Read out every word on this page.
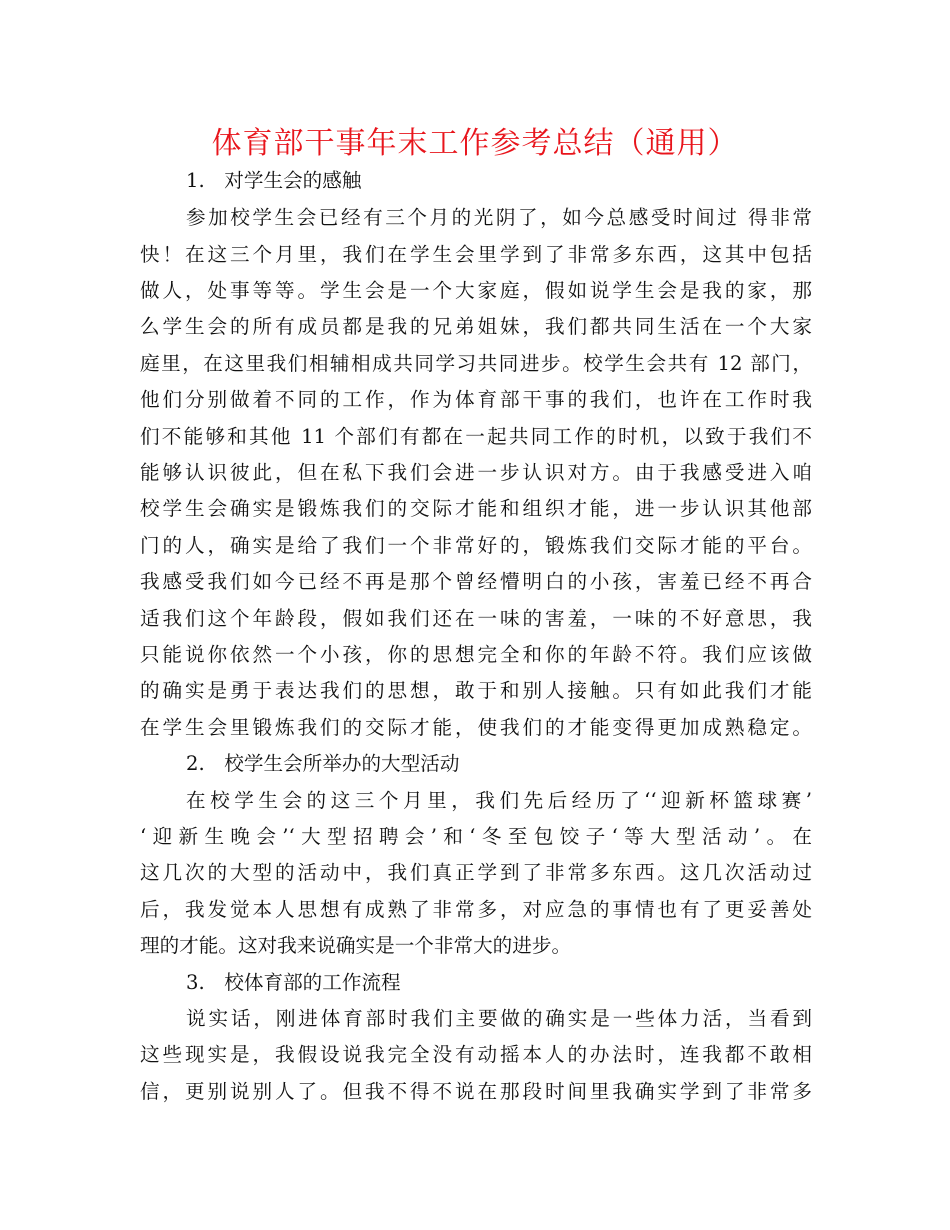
体育部干事年末工作参考总结（通用）
1.　对学生会的感触
参加校学生会已经有三个月的光阴了，如今总感受时间过 得非常
快！在这三个月里，我们在学生会里学到了非常多东西，这其中包括
做人，处事等等。学生会是一个大家庭，假如说学生会是我的家，那
么学生会的所有成员都是我的兄弟姐妹，我们都共同生活在一个大家
庭里，在这里我们相辅相成共同学习共同进步。校学生会共有 12 部门，
他们分别做着不同的工作，作为体育部干事的我们，也许在工作时我
们不能够和其他 11 个部们有都在一起共同工作的时机，以致于我们不
能够认识彼此，但在私下我们会进一步认识对方。由于我感受进入咱
校学生会确实是锻炼我们的交际才能和组织才能，进一步认识其他部
门的人，确实是给了我们一个非常好的，锻炼我们交际才能的平台。
我感受我们如今已经不再是那个曾经懵明白的小孩，害羞已经不再合
适我们这个年龄段，假如我们还在一味的害羞，一味的不好意思，我
只能说你依然一个小孩，你的思想完全和你的年龄不符。我们应该做
的确实是勇于表达我们的思想，敢于和别人接触。只有如此我们才能
在学生会里锻炼我们的交际才能，使我们的才能变得更加成熟稳定。
2.　校学生会所举办的大型活动
在校学生会的这三个月里，我们先后经历了‘‘迎新杯篮球赛’
‘迎新生晚会’‘大型招聘会’和‘冬至包饺子‘等大型活动’。在
这几次的大型的活动中，我们真正学到了非常多东西。这几次活动过
后，我发觉本人思想有成熟了非常多，对应急的事情也有了更妥善处
理的才能。这对我来说确实是一个非常大的进步。
3.　校体育部的工作流程
说实话，刚进体育部时我们主要做的确实是一些体力活，当看到
这些现实是，我假设说我完全没有动摇本人的办法时，连我都不敢相
信，更别说别人了。但我不得不说在那段时间里我确实学到了非常多
